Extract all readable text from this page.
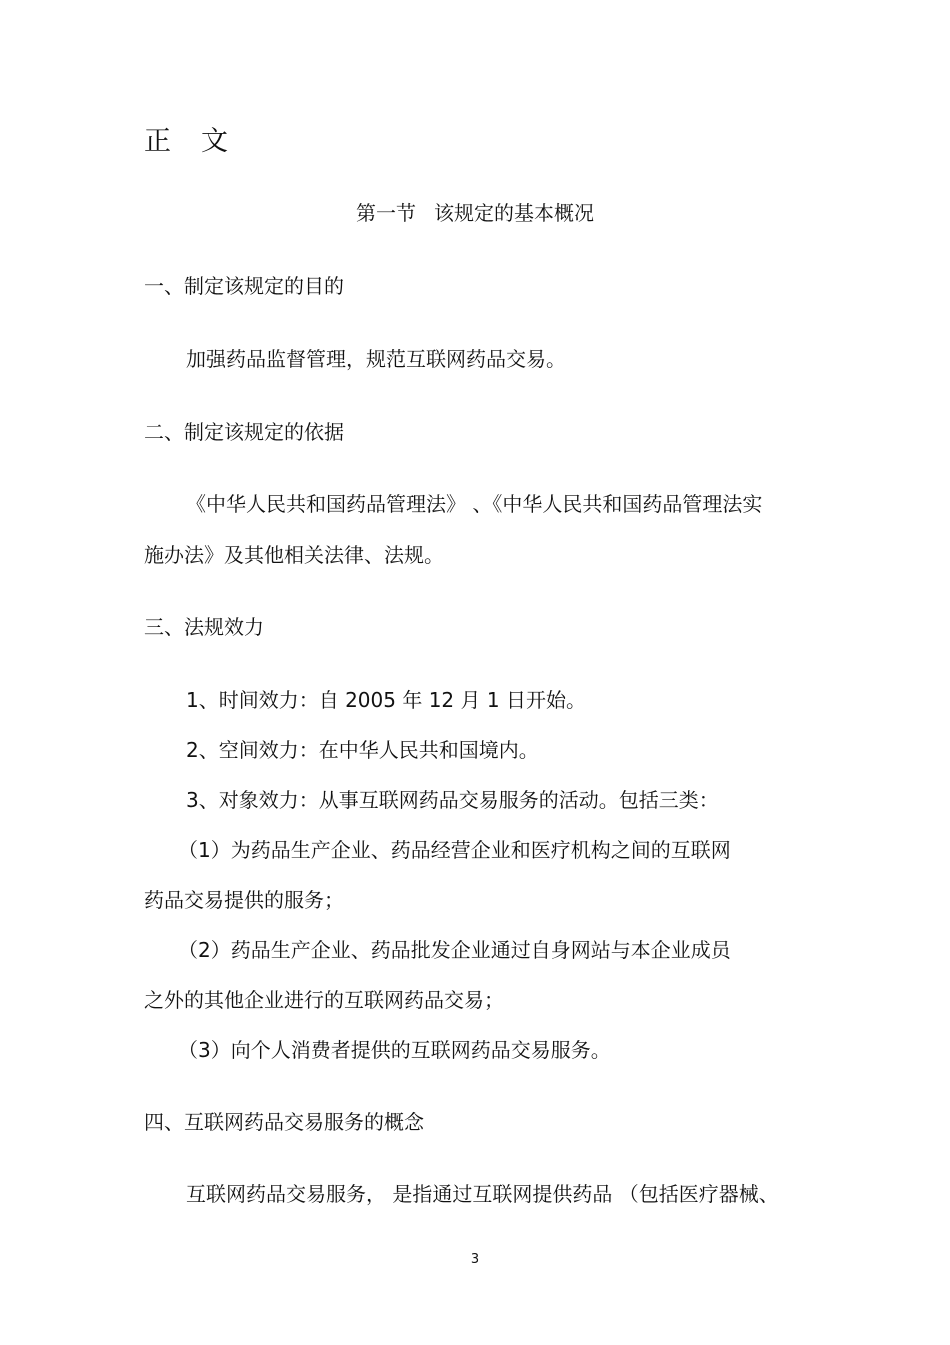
正 文
第一节 该规定的基本概况
一、制定该规定的目的
加强药品监督管理，规范互联网药品交易。
二、制定该规定的依据
《中华人民共和国药品管理法》 、《中华人民共和国药品管理法实
施办法》及其他相关法律、法规。
三、法规效力
1、时间效力：自 2005 年 12 月 1 日开始。
2、空间效力：在中华人民共和国境内。
3、对象效力：从事互联网药品交易服务的活动。包括三类：
（1）为药品生产企业、药品经营企业和医疗机构之间的互联网
药品交易提供的服务；
（2）药品生产企业、药品批发企业通过自身网站与本企业成员
之外的其他企业进行的互联网药品交易；
（3）向个人消费者提供的互联网药品交易服务。
四、互联网药品交易服务的概念
互联网药品交易服务， 是指通过互联网提供药品 （包括医疗器械、
3
